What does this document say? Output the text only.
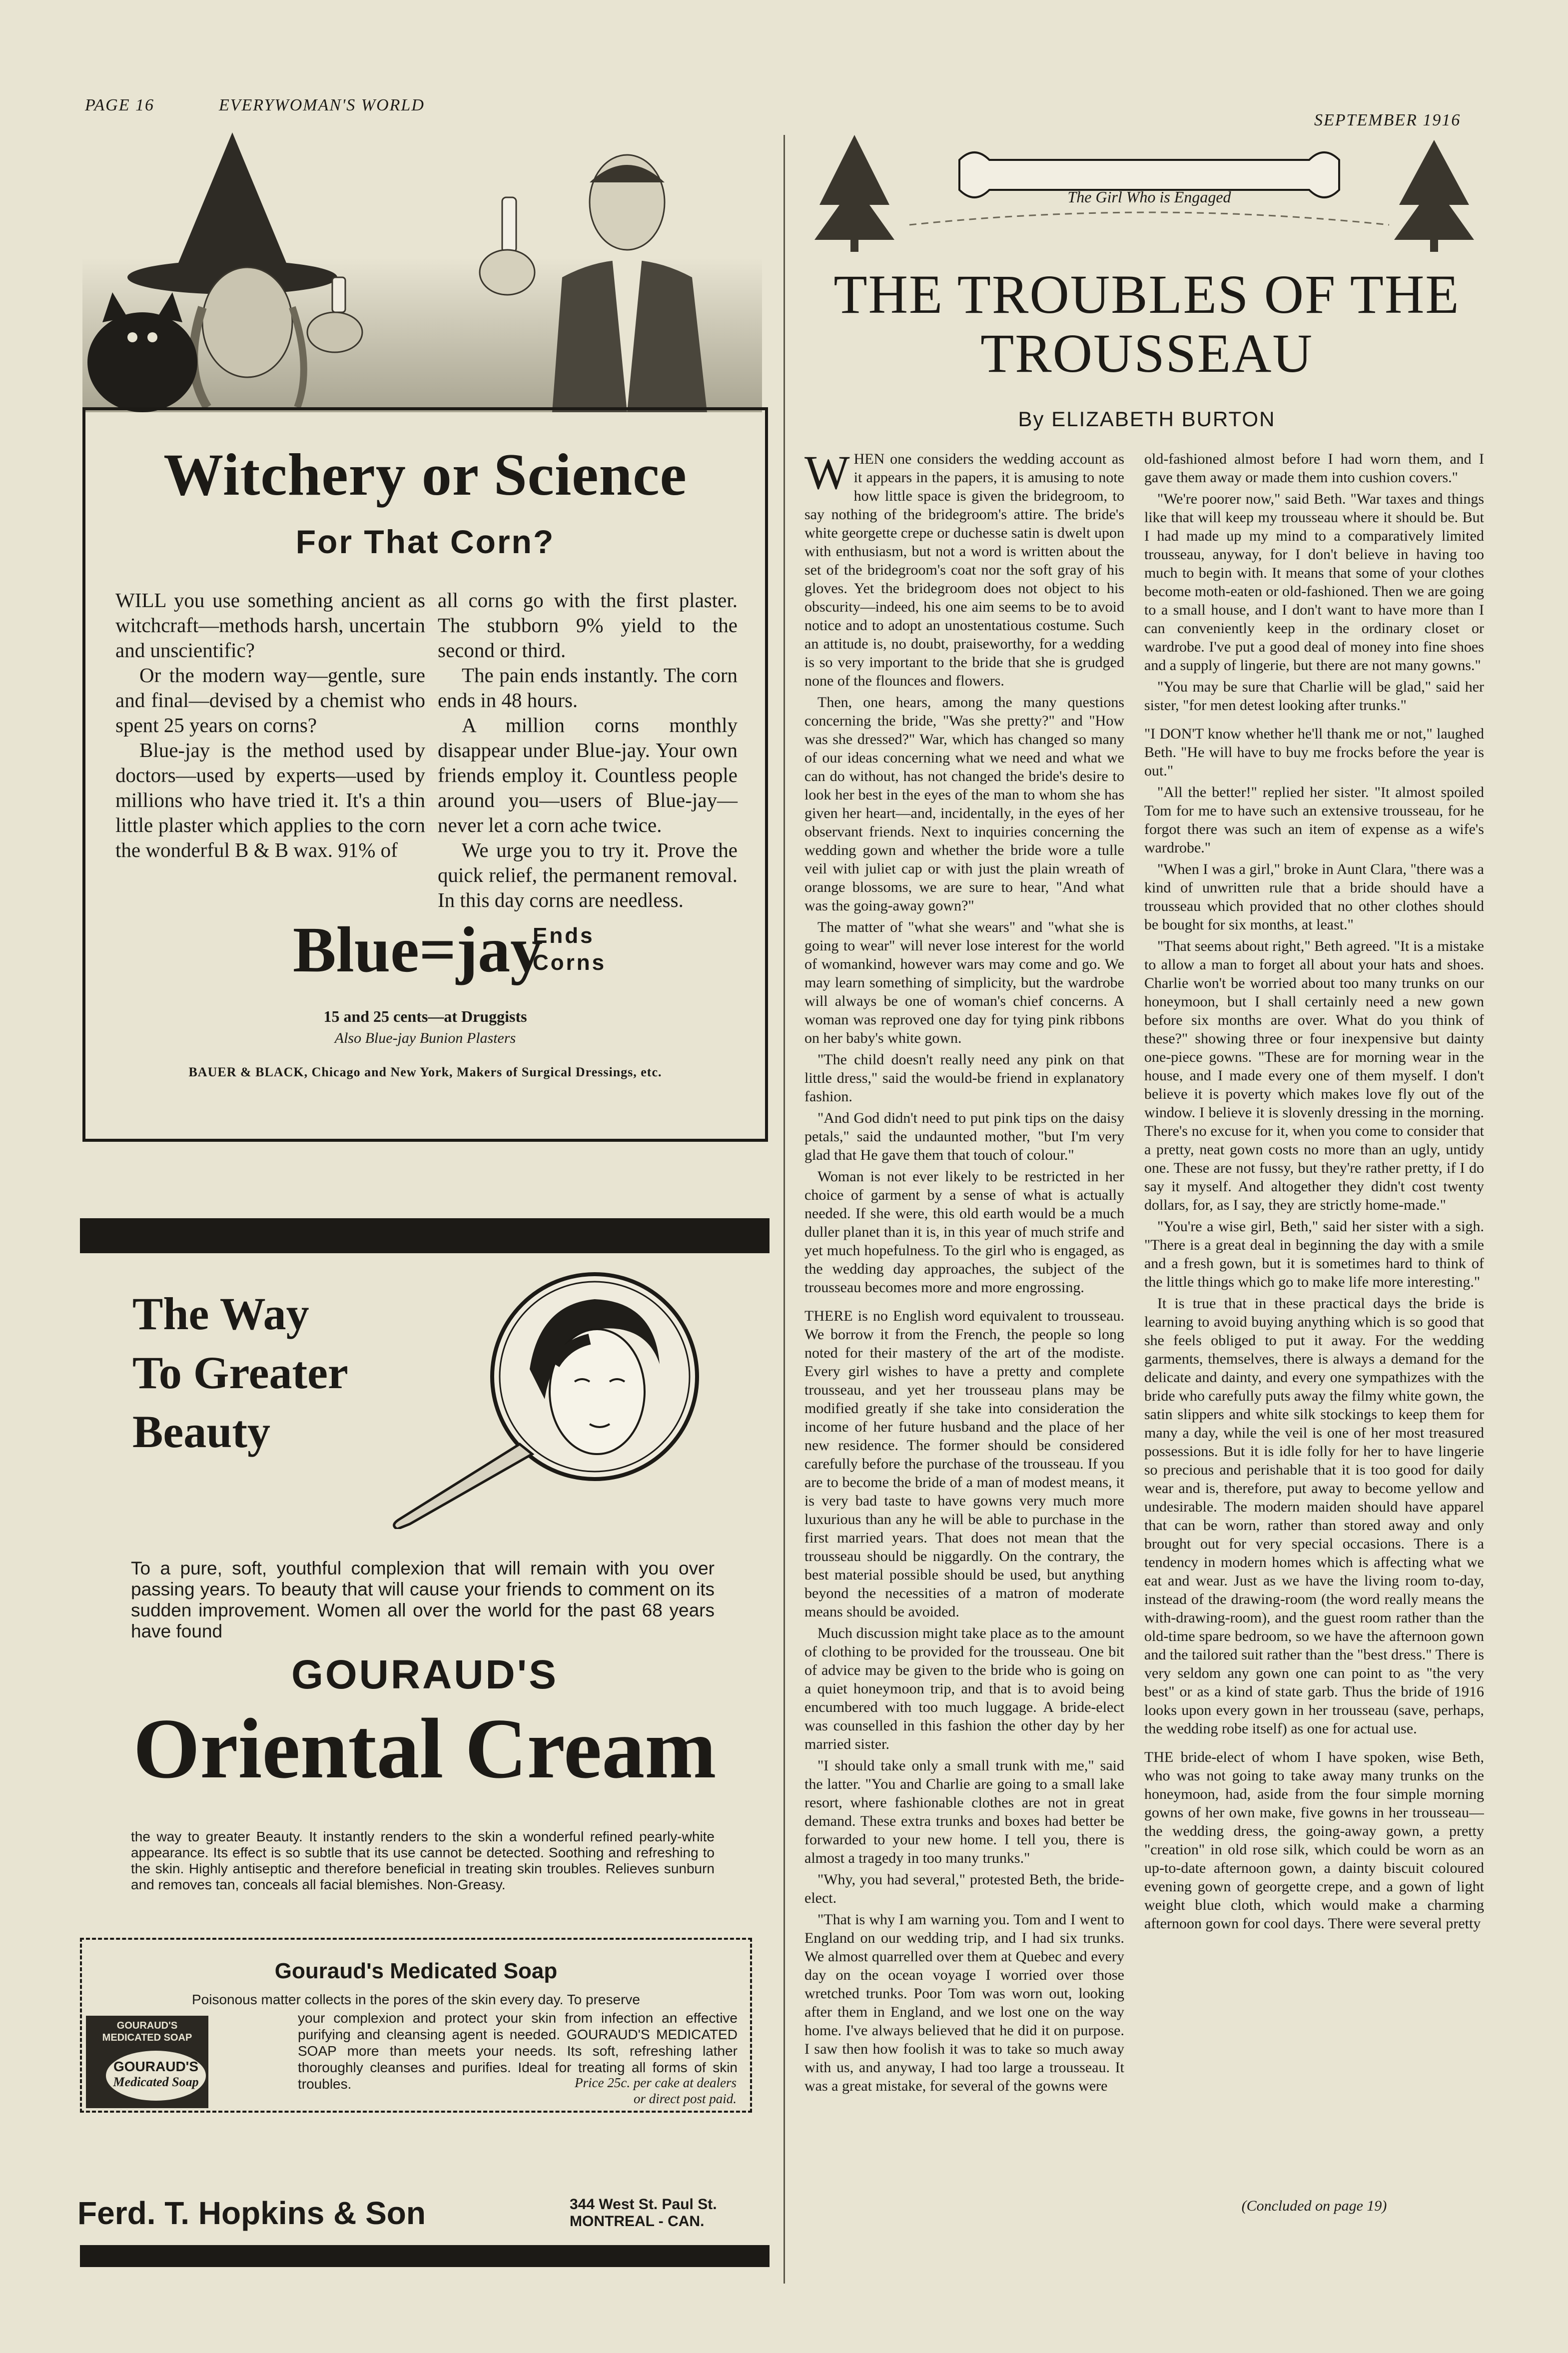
PAGE 16	EVERYWOMAN'S WORLD
SEPTEMBER 1916
Witchery or Science
For That Corn?

WILL you use something ancient as witchcraft—methods harsh, uncertain and unscientific?

Or the modern way—gentle, sure and final—devised by a chemist who spent 25 years on corns?

Blue-jay is the method used by doctors—used by experts—used by millions who have tried it. It's a thin little plaster which applies to the corn the wonderful B & B wax. 91% of

all corns go with the first plaster. The stubborn 9% yield to the second or third.

The pain ends instantly. The corn ends in 48 hours.

A million corns monthly disappear under Blue-jay. Your own friends employ it. Countless people around you—users of Blue-jay—never let a corn ache twice.

We urge you to try it. Prove the quick relief, the permanent removal. In this day corns are needless.

Blue=jay
Ends
Corns
15 and 25 cents—at Druggists
Also Blue-jay Bunion Plasters
BAUER & BLACK, Chicago and New York, Makers of Surgical Dressings, etc.
The Way
To Greater
Beauty
To a pure, soft, youthful complexion that will remain with you over passing years. To beauty that will cause your friends to comment on its sudden improvement. Women all over the world for the past 68 years have found
GOURAUD'S
Oriental Cream
the way to greater Beauty. It instantly renders to the skin a wonderful refined pearly-white appearance. Its effect is so subtle that its use cannot be detected. Soothing and refreshing to the skin. Highly antiseptic and therefore beneficial in treating skin troubles. Relieves sunburn and removes tan, conceals all facial blemishes. Non-Greasy.
Gouraud's Medicated Soap
Poisonous matter collects in the pores of the skin every day. To preserve
GOURAUD'S
MEDICATED SOAP
GOURAUD'S
Medicated Soap
your complexion and protect your skin from infection an effective purifying and cleansing agent is needed. GOURAUD'S MEDICATED SOAP more than meets your needs. Its soft, refreshing lather thoroughly cleanses and purifies. Ideal for treating all forms of skin troubles.	Price 25c. per cake at dealers
or direct post paid.
Ferd. T. Hopkins & Son	344 West St. Paul St.
MONTREAL - CAN.
The Girl Who is Engaged
THE TROUBLES OF THE
TROUSSEAU
By ELIZABETH BURTON

WHEN one considers the wedding account as it appears in the papers, it is amusing to note how little space is given the bridegroom, to say nothing of the bridegroom's attire. The bride's white georgette crepe or duchesse satin is dwelt upon with enthusiasm, but not a word is written about the set of the bridegroom's coat nor the soft gray of his gloves. Yet the bridegroom does not object to his obscurity—indeed, his one aim seems to be to avoid notice and to adopt an unostentatious costume. Such an attitude is, no doubt, praiseworthy, for a wedding is so very important to the bride that she is grudged none of the flounces and flowers.

Then, one hears, among the many questions concerning the bride, "Was she pretty?" and "How was she dressed?" War, which has changed so many of our ideas concerning what we need and what we can do without, has not changed the bride's desire to look her best in the eyes of the man to whom she has given her heart—and, incidentally, in the eyes of her observant friends. Next to inquiries concerning the wedding gown and whether the bride wore a tulle veil with juliet cap or with just the plain wreath of orange blossoms, we are sure to hear, "And what was the going-away gown?"

The matter of "what she wears" and "what she is going to wear" will never lose interest for the world of womankind, however wars may come and go. We may learn something of simplicity, but the wardrobe will always be one of woman's chief concerns. A woman was reproved one day for tying pink ribbons on her baby's white gown.

"The child doesn't really need any pink on that little dress," said the would-be friend in explanatory fashion.

"And God didn't need to put pink tips on the daisy petals," said the undaunted mother, "but I'm very glad that He gave them that touch of colour."

Woman is not ever likely to be restricted in her choice of garment by a sense of what is actually needed. If she were, this old earth would be a much duller planet than it is, in this year of much strife and yet much hopefulness. To the girl who is engaged, as the wedding day approaches, the subject of the trousseau becomes more and more engrossing.

THERE is no English word equivalent to trousseau. We borrow it from the French, the people so long noted for their mastery of the art of the modiste. Every girl wishes to have a pretty and complete trousseau, and yet her trousseau plans may be modified greatly if she take into consideration the income of her future husband and the place of her new residence. The former should be considered carefully before the purchase of the trousseau. If you are to become the bride of a man of modest means, it is very bad taste to have gowns very much more luxurious than any he will be able to purchase in the first married years. That does not mean that the trousseau should be niggardly. On the contrary, the best material possible should be used, but anything beyond the necessities of a matron of moderate means should be avoided.

Much discussion might take place as to the amount of clothing to be provided for the trousseau. One bit of advice may be given to the bride who is going on a quiet honeymoon trip, and that is to avoid being encumbered with too much luggage. A bride-elect was counselled in this fashion the other day by her married sister.

"I should take only a small trunk with me," said the latter. "You and Charlie are going to a small lake resort, where fashionable clothes are not in great demand. These extra trunks and boxes had better be forwarded to your new home. I tell you, there is almost a tragedy in too many trunks."

"Why, you had several," protested Beth, the bride-elect.

"That is why I am warning you. Tom and I went to England on our wedding trip, and I had six trunks. We almost quarrelled over them at Quebec and every day on the ocean voyage I worried over those wretched trunks. Poor Tom was worn out, looking after them in England, and we lost one on the way home. I've always believed that he did it on purpose. I saw then how foolish it was to take so much away with us, and anyway, I had too large a trousseau. It was a great mistake, for several of the gowns were

old-fashioned almost before I had worn them, and I gave them away or made them into cushion covers."

"We're poorer now," said Beth. "War taxes and things like that will keep my trousseau where it should be. But I had made up my mind to a comparatively limited trousseau, anyway, for I don't believe in having too much to begin with. It means that some of your clothes become moth-eaten or old-fashioned. Then we are going to a small house, and I don't want to have more than I can conveniently keep in the ordinary closet or wardrobe. I've put a good deal of money into fine shoes and a supply of lingerie, but there are not many gowns."

"You may be sure that Charlie will be glad," said her sister, "for men detest looking after trunks."

"I DON'T know whether he'll thank me or not," laughed Beth. "He will have to buy me frocks before the year is out."

"All the better!" replied her sister. "It almost spoiled Tom for me to have such an extensive trousseau, for he forgot there was such an item of expense as a wife's wardrobe."

"When I was a girl," broke in Aunt Clara, "there was a kind of unwritten rule that a bride should have a trousseau which provided that no other clothes should be bought for six months, at least."

"That seems about right," Beth agreed. "It is a mistake to allow a man to forget all about your hats and shoes. Charlie won't be worried about too many trunks on our honeymoon, but I shall certainly need a new gown before six months are over. What do you think of these?" showing three or four inexpensive but dainty one-piece gowns. "These are for morning wear in the house, and I made every one of them myself. I don't believe it is poverty which makes love fly out of the window. I believe it is slovenly dressing in the morning. There's no excuse for it, when you come to consider that a pretty, neat gown costs no more than an ugly, untidy one. These are not fussy, but they're rather pretty, if I do say it myself. And altogether they didn't cost twenty dollars, for, as I say, they are strictly home-made."

"You're a wise girl, Beth," said her sister with a sigh. "There is a great deal in beginning the day with a smile and a fresh gown, but it is sometimes hard to think of the little things which go to make life more interesting."

It is true that in these practical days the bride is learning to avoid buying anything which is so good that she feels obliged to put it away. For the wedding garments, themselves, there is always a demand for the delicate and dainty, and every one sympathizes with the bride who carefully puts away the filmy white gown, the satin slippers and white silk stockings to keep them for many a day, while the veil is one of her most treasured possessions. But it is idle folly for her to have lingerie so precious and perishable that it is too good for daily wear and is, therefore, put away to become yellow and undesirable. The modern maiden should have apparel that can be worn, rather than stored away and only brought out for very special occasions. There is a tendency in modern homes which is affecting what we eat and wear. Just as we have the living room to-day, instead of the drawing-room (the word really means the with-drawing-room), and the guest room rather than the old-time spare bedroom, so we have the afternoon gown and the tailored suit rather than the "best dress." There is very seldom any gown one can point to as "the very best" or as a kind of state garb. Thus the bride of 1916 looks upon every gown in her trousseau (save, perhaps, the wedding robe itself) as one for actual use.

THE bride-elect of whom I have spoken, wise Beth, who was not going to take away many trunks on the honeymoon, had, aside from the four simple morning gowns of her own make, five gowns in her trousseau—the wedding dress, the going-away gown, a pretty "creation" in old rose silk, which could be worn as an up-to-date afternoon gown, a dainty biscuit coloured evening gown of georgette crepe, and a gown of light weight blue cloth, which would make a charming afternoon gown for cool days. There were several pretty

(Concluded on page 19)
